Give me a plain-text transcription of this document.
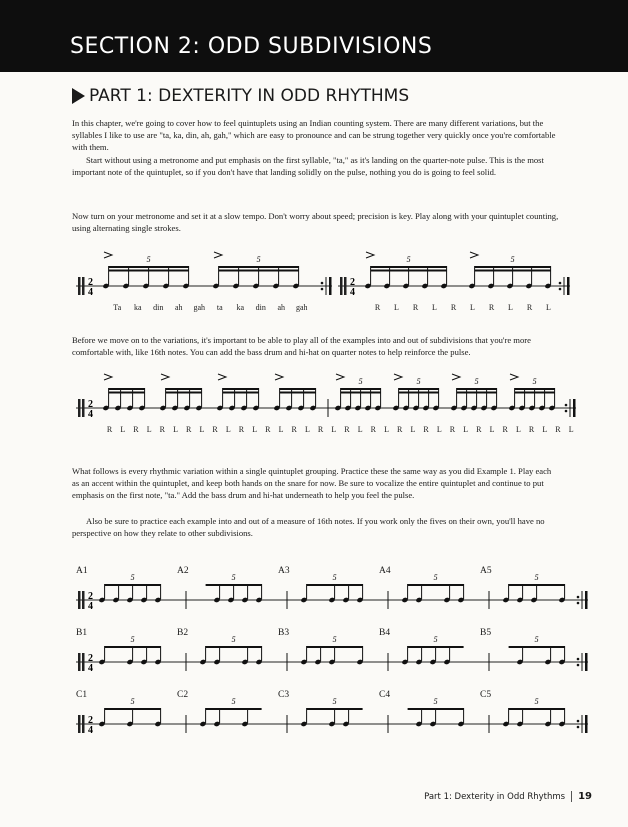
SECTION 2: ODD SUBDIVISIONS
PART 1: DEXTERITY IN ODD RHYTHMS

In this chapter, we're going to cover how to feel quintuplets using an Indian counting system. There are many different variations, but the syllables I like to use are "ta, ka, din, ah, gah," which are easy to pronounce and can be strung together very quickly once you're comfortable with them.

Start without using a metronome and put emphasis on the first syllable, "ta," as it's landing on the quarter-note pulse. This is the most important note of the quintuplet, so if you don't have that landing solidly on the pulse, nothing you do is going to feel solid.

Now turn on your metronome and set it at a slow tempo. Don't worry about speed; precision is key. Play along with your quintuplet counting, using alternating single strokes.

2
4
5	5
2
4
5	5
Ta	ka	din	ah	gah	ta	ka	din	ah	gah	R	L	R	L	R	L	R	L	R	L

Before we move on to the variations, it's important to be able to play all of the examples into and out of subdivisions that you're more comfortable with, like 16th notes. You can add the bass drum and hi-hat on quarter notes to help reinforce the pulse.

2
4
5	5	5	5
R	L	R	L	R	L	R	L	R	L	R	L	R	L	R	L	R	L	R	L	R	L	R	L	R	L	R	L	R	L	R	L	R	L	R	L

What follows is every rhythmic variation within a single quintuplet grouping. Practice these the same way as you did Example 1. Play each as an accent within the quintuplet, and keep both hands on the snare for now. Be sure to vocalize the entire quintuplet and continue to put emphasis on the first note, "ta." Add the bass drum and hi-hat underneath to help you feel the pulse.

Also be sure to practice each example into and out of a measure of 16th notes. If you work only the fives on their own, you'll have no perspective on how they relate to other subdivisions.

A1	A2	A3	A4	A5
2
4
5	5	5	5	5
B1	B2	B3	B4	B5
2
4
5	5	5	5	5
C1	C2	C3	C4	C5
2
4
5	5	5	5	5
Part 1: Dexterity in Odd Rhythms 19
